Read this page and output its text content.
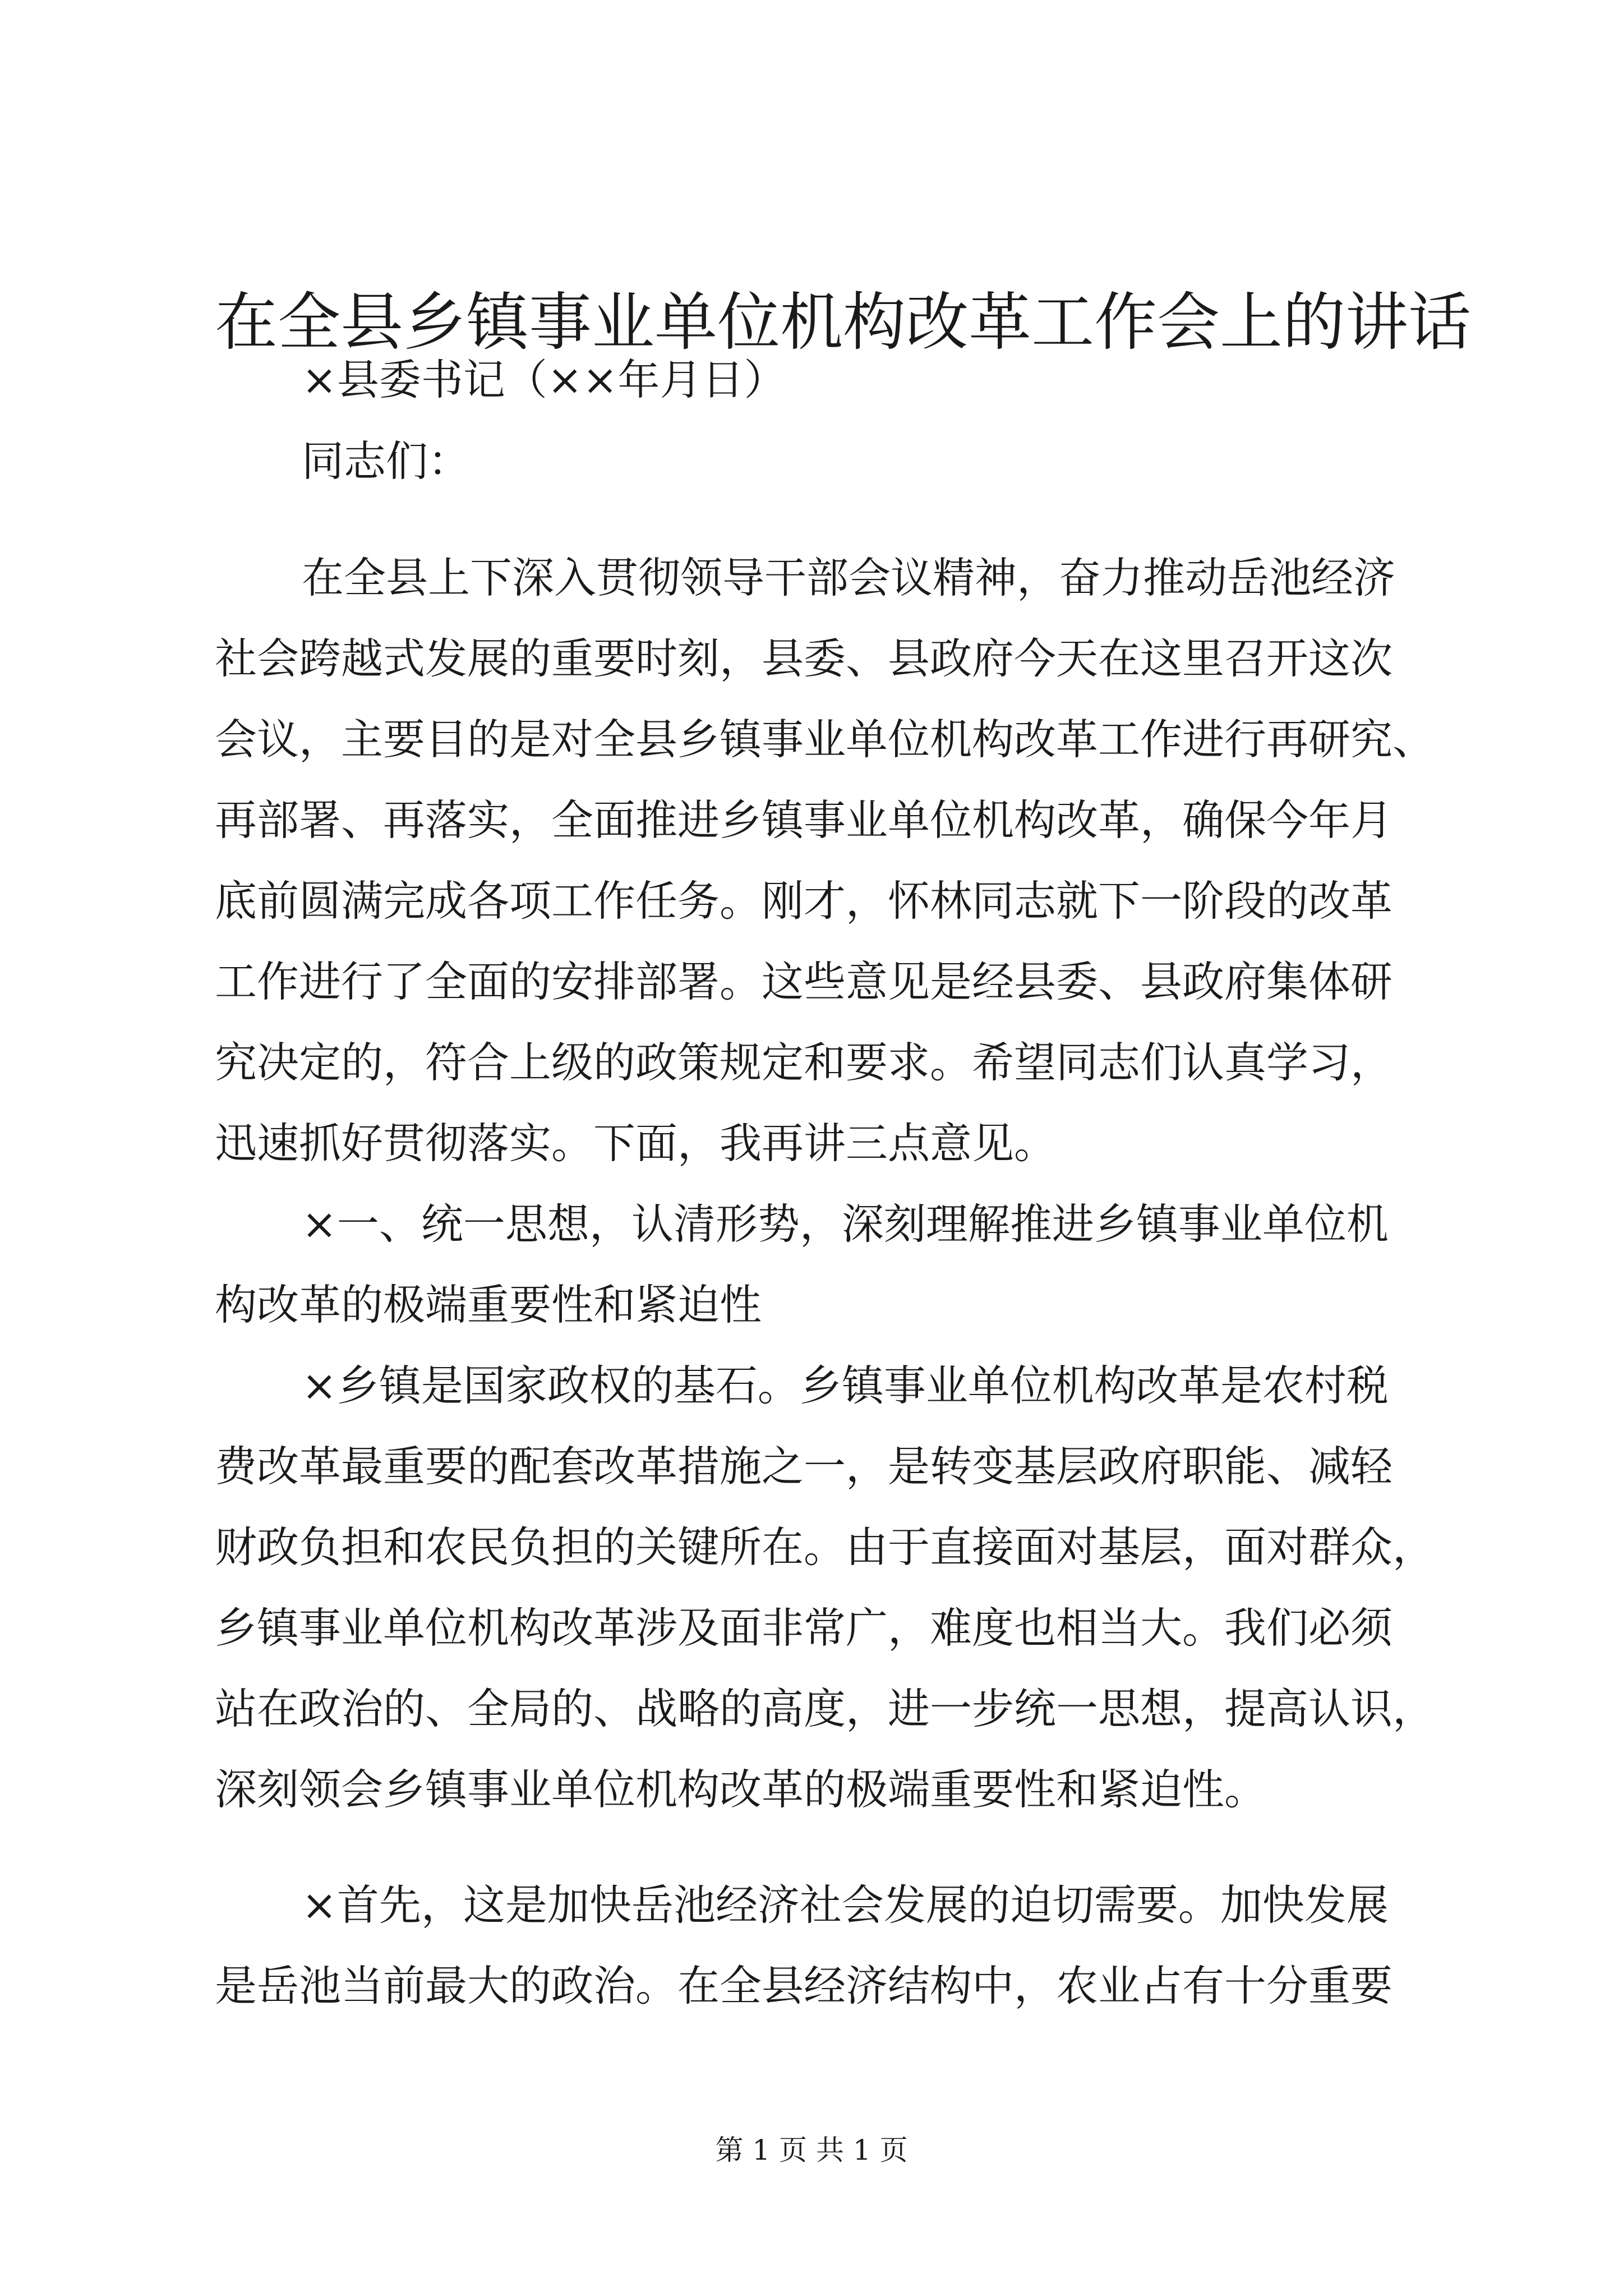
在全县乡镇事业单位机构改革工作会上的讲话

×县委书记（××年月日）

同志们：

在全县上下深入贯彻领导干部会议精神，奋力推动岳池经济

社会跨越式发展的重要时刻，县委、县政府今天在这里召开这次

会议，主要目的是对全县乡镇事业单位机构改革工作进行再研究、

再部署、再落实，全面推进乡镇事业单位机构改革，确保今年月

底前圆满完成各项工作任务。刚才，怀林同志就下一阶段的改革

工作进行了全面的安排部署。这些意见是经县委、县政府集体研

究决定的，符合上级的政策规定和要求。希望同志们认真学习，

迅速抓好贯彻落实。下面，我再讲三点意见。

×一、统一思想，认清形势，深刻理解推进乡镇事业单位机

构改革的极端重要性和紧迫性

×乡镇是国家政权的基石。乡镇事业单位机构改革是农村税

费改革最重要的配套改革措施之一，是转变基层政府职能、减轻

财政负担和农民负担的关键所在。由于直接面对基层，面对群众，

乡镇事业单位机构改革涉及面非常广，难度也相当大。我们必须

站在政治的、全局的、战略的高度，进一步统一思想，提高认识，

深刻领会乡镇事业单位机构改革的极端重要性和紧迫性。

×首先，这是加快岳池经济社会发展的迫切需要。加快发展

是岳池当前最大的政治。在全县经济结构中，农业占有十分重要

第 1 页 共 1 页
